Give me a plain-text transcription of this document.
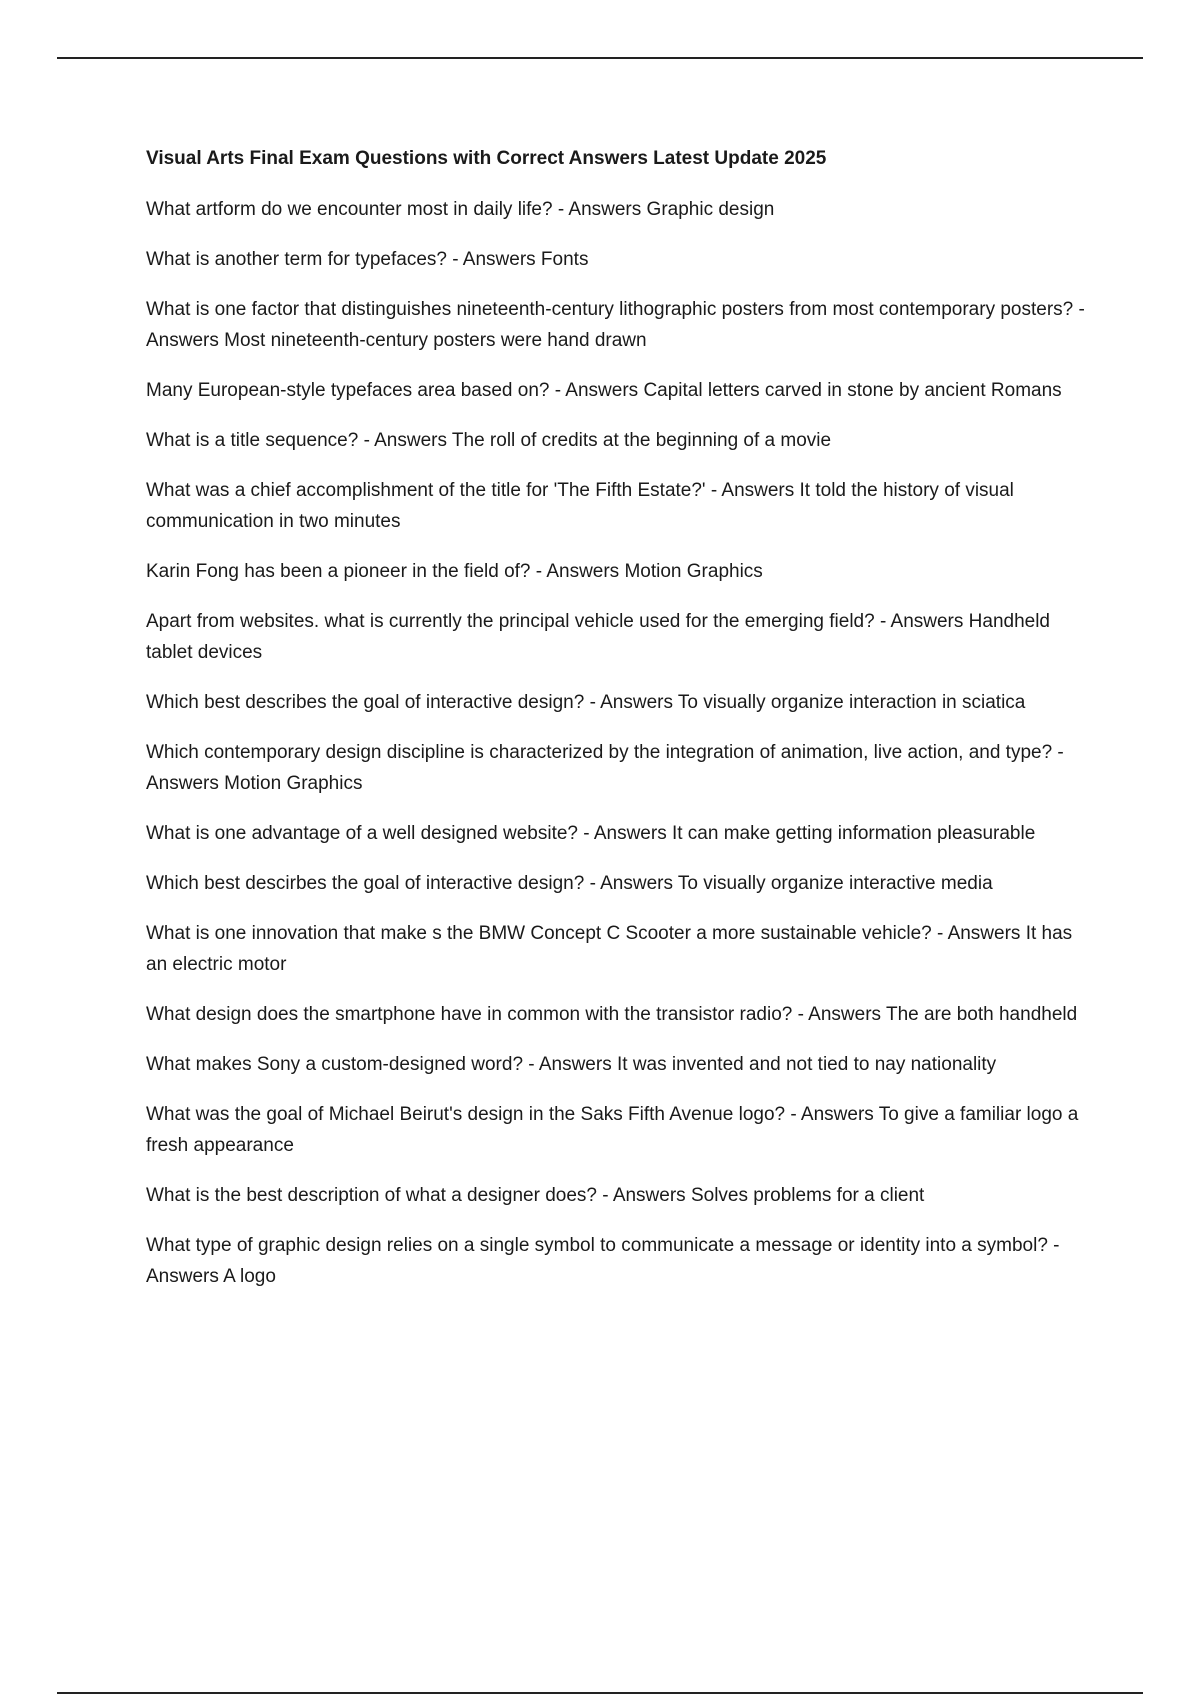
Visual Arts Final Exam Questions with Correct Answers Latest Update 2025

What artform do we encounter most in daily life? - Answers Graphic design

What is another term for typefaces? - Answers Fonts

What is one factor that distinguishes nineteenth-century lithographic posters from most contemporary posters? - Answers Most nineteenth-century posters were hand drawn

Many European-style typefaces area based on? - Answers Capital letters carved in stone by ancient Romans

What is a title sequence? - Answers The roll of credits at the beginning of a movie

What was a chief accomplishment of the title for 'The Fifth Estate?' - Answers It told the history of visual communication in two minutes

Karin Fong has been a pioneer in the field of? - Answers Motion Graphics

Apart from websites. what is currently the principal vehicle used for the emerging field? - Answers Handheld tablet devices

Which best describes the goal of interactive design? - Answers To visually organize interaction in sciatica

Which contemporary design discipline is characterized by the integration of animation, live action, and type? - Answers Motion Graphics

What is one advantage of a well designed website? - Answers It can make getting information pleasurable

Which best descirbes the goal of interactive design? - Answers To visually organize interactive media

What is one innovation that make s the BMW Concept C Scooter a more sustainable vehicle? - Answers It has an electric motor

What design does the smartphone have in common with the transistor radio? - Answers The are both handheld

What makes Sony a custom-designed word? - Answers It was invented and not tied to nay nationality

What was the goal of Michael Beirut's design in the Saks Fifth Avenue logo? - Answers To give a familiar logo a fresh appearance

What is the best description of what a designer does? - Answers Solves problems for a client

What type of graphic design relies on a single symbol to communicate a message or identity into a symbol? - Answers A logo
